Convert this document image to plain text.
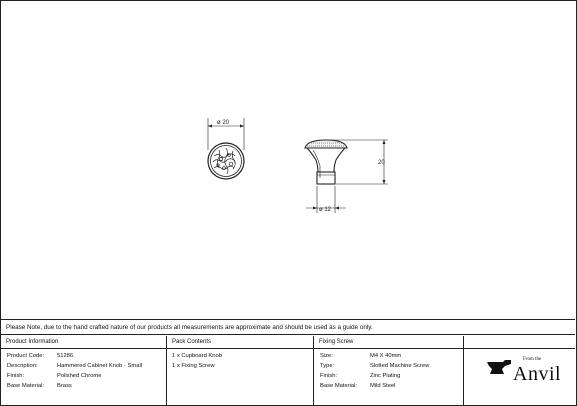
ø 20
20
ø 12
Please Note, due to the hand crafted nature of our products all measurements are approximate and should be used as a guide only.
Product Information	Pack Contents	Fixing Screw
Product Code: 51286
Description:	Hammered Cabinet Knob - Small
Finish:	Polished Chrome
Base Material: Brass
1 x Cupboard Knob
1 x Fixing Screw
Size:	M4 X 40mm
Type:	Slotted Machine Screw
Finish:	Zinc Plating
Base Material: Mild Steel
From the
Anvil
